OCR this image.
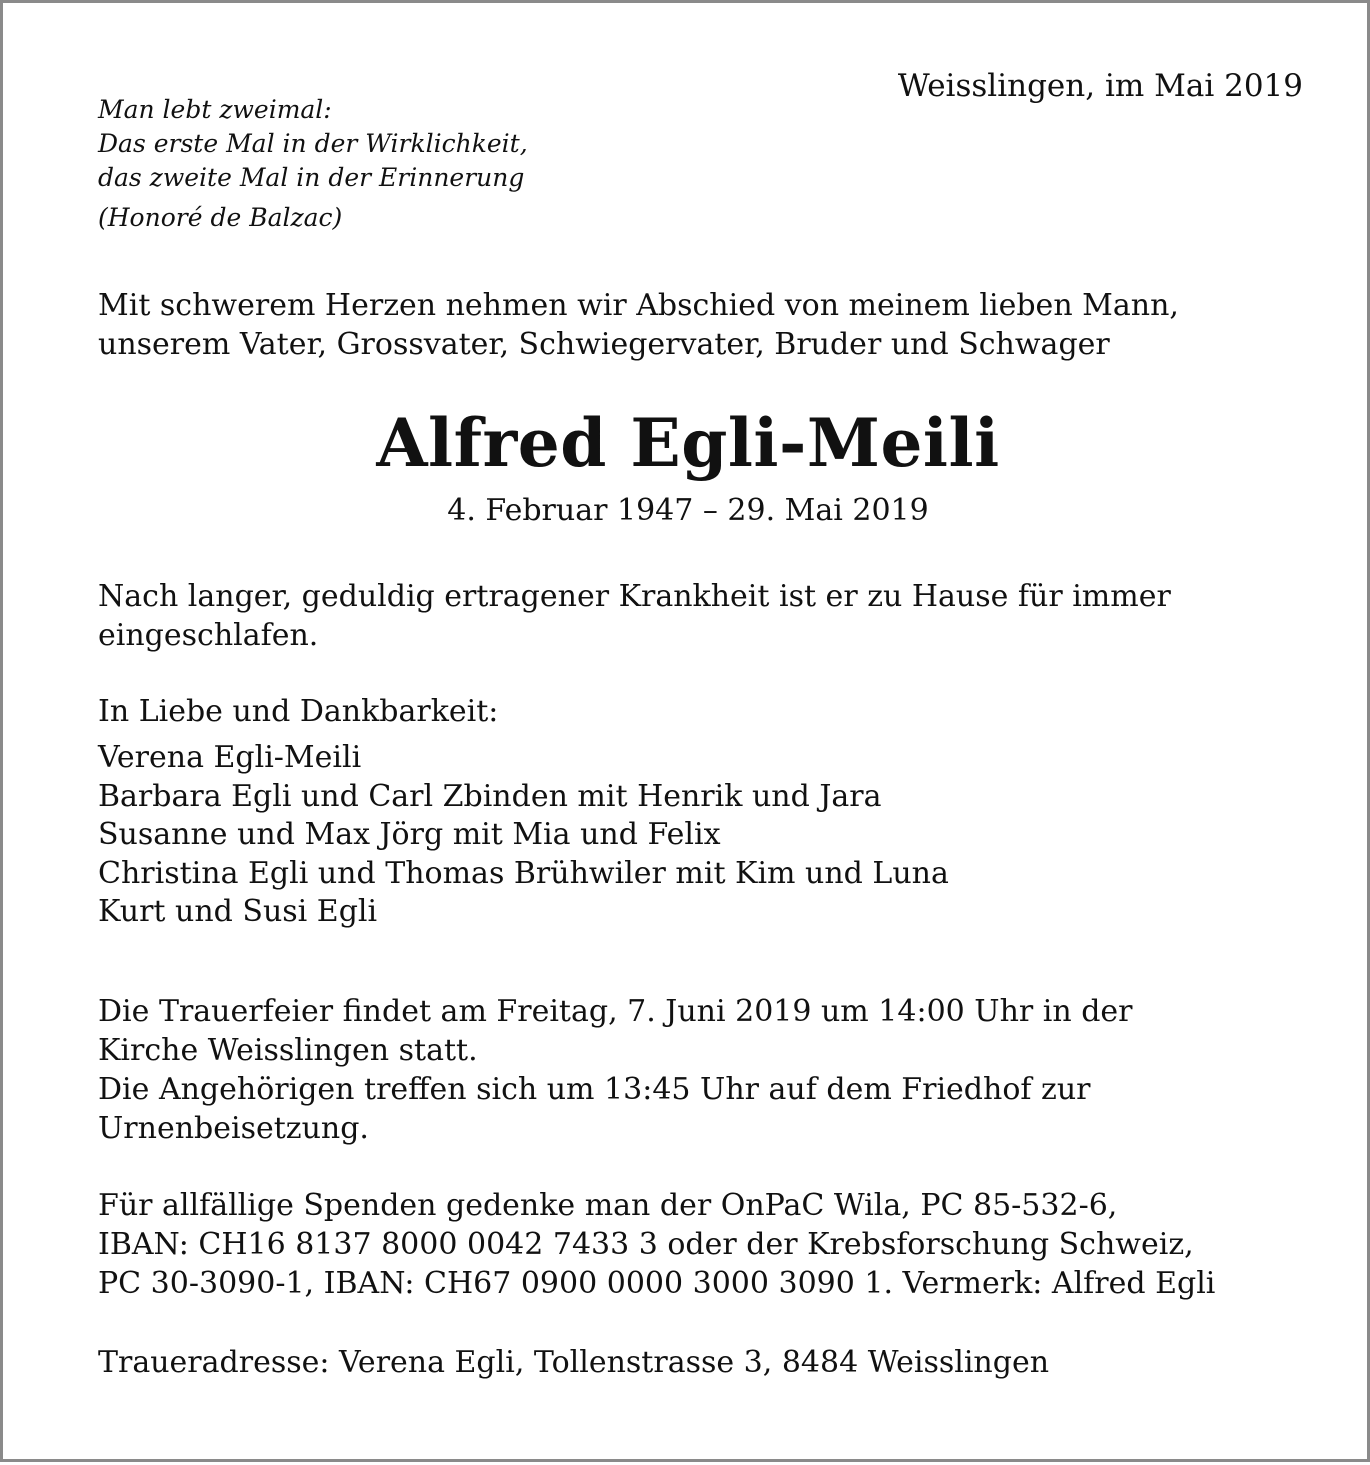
Weisslingen, im Mai 2019
Man lebt zweimal:
Das erste Mal in der Wirklichkeit,
das zweite Mal in der Erinnerung
(Honoré de Balzac)
Mit schwerem Herzen nehmen wir Abschied von meinem lieben Mann,
unserem Vater, Grossvater, Schwiegervater, Bruder und Schwager
Alfred Egli-Meili
4. Februar 1947 – 29. Mai 2019
Nach langer, geduldig ertragener Krankheit ist er zu Hause für immer
eingeschlafen.
In Liebe und Dankbarkeit:
Verena Egli-Meili
Barbara Egli und Carl Zbinden mit Henrik und Jara
Susanne und Max Jörg mit Mia und Felix
Christina Egli und Thomas Brühwiler mit Kim und Luna
Kurt und Susi Egli
Die Trauerfeier findet am Freitag, 7. Juni 2019 um 14:00 Uhr in der
Kirche Weisslingen statt.
Die Angehörigen treffen sich um 13:45 Uhr auf dem Friedhof zur
Urnenbeisetzung.
Für allfällige Spenden gedenke man der OnPaC Wila, PC 85-532-6,
IBAN: CH16 8137 8000 0042 7433 3 oder der Krebsforschung Schweiz,
PC 30-3090-1, IBAN: CH67 0900 0000 3000 3090 1. Vermerk: Alfred Egli
Traueradresse: Verena Egli, Tollenstrasse 3, 8484 Weisslingen
